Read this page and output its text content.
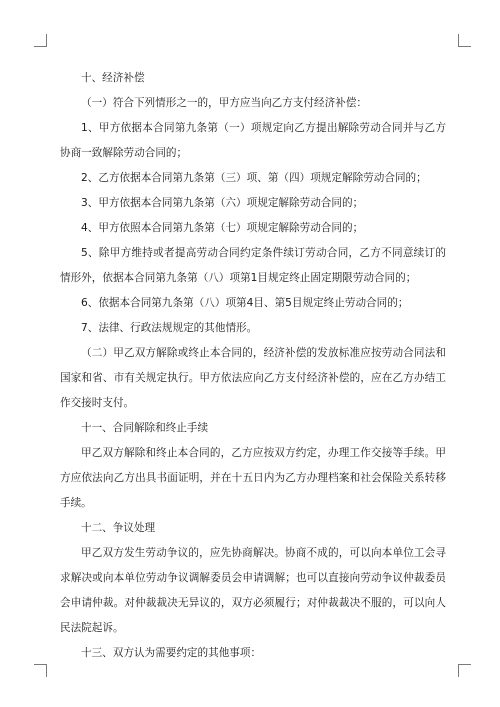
十、经济补偿

（一）符合下列情形之一的，甲方应当向乙方支付经济补偿：

1、甲方依据本合同第九条第（一）项规定向乙方提出解除劳动合同并与乙方协商一致解除劳动合同的；

2、乙方依据本合同第九条第（三）项、第（四）项规定解除劳动合同的；

3、甲方依据本合同第九条第（六）项规定解除劳动合同的；

4、甲方依照本合同第九条第（七）项规定解除劳动合同的；

5、除甲方维持或者提高劳动合同约定条件续订劳动合同，乙方不同意续订的情形外，依据本合同第九条第（八）项第1目规定终止固定期限劳动合同的；

6、依据本合同第九条第（八）项第4目、第5目规定终止劳动合同的；

7、法律、行政法规规定的其他情形。

（二）甲乙双方解除或终止本合同的，经济补偿的发放标准应按劳动合同法和国家和省、市有关规定执行。甲方依法应向乙方支付经济补偿的，应在乙方办结工作交接时支付。

十一、合同解除和终止手续

甲乙双方解除和终止本合同的，乙方应按双方约定，办理工作交接等手续。甲方应依法向乙方出具书面证明，并在十五日内为乙方办理档案和社会保险关系转移手续。

十二、争议处理

甲乙双方发生劳动争议的，应先协商解决。协商不成的，可以向本单位工会寻求解决或向本单位劳动争议调解委员会申请调解；也可以直接向劳动争议仲裁委员会申请仲裁。对仲裁裁决无异议的，双方必须履行；对仲裁裁决不服的，可以向人民法院起诉。

十三、双方认为需要约定的其他事项：
